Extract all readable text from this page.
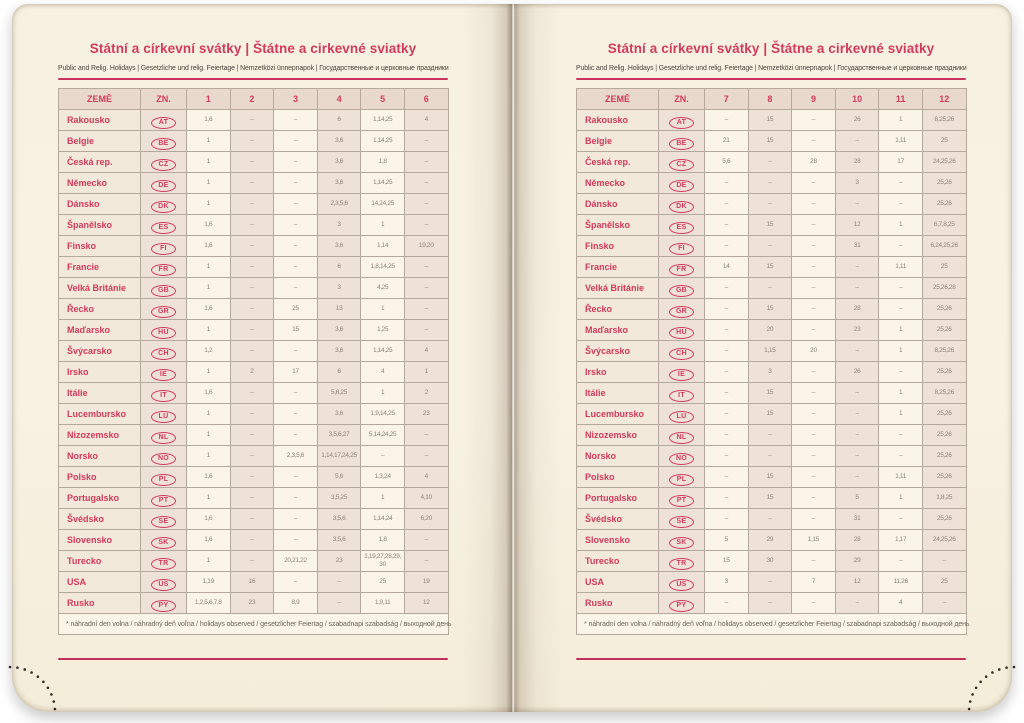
Státní a církevní svátky | Štátne a cirkevné sviatky

Public and Relig. Holidays | Gesetzliche und relig. Feiertage | Nemzetközi ünnepnapok | Государственные и церковные праздники

ZEMĚ	ZN.	1	2	3	4	5	6
Rakousko	AT	1, 6	–	–	6	1, 14, 25	4
Belgie	BE	1	–	–	3, 6	1, 14, 25	–
Česká rep.	CZ	1	–	–	3, 6	1, 8	–
Německo	DE	1	–	–	3, 6	1, 14, 25	–
Dánsko	DK	1	–	–	2, 3, 5, 6	14, 24, 25	–
Španělsko	ES	1, 6	–	–	3	1	–
Finsko	FI	1, 6	–	–	3, 6	1, 14	19, 20
Francie	FR	1	–	–	6	1, 8, 14, 25	–
Velká Británie	GB	1	–	–	3	4, 25	–
Řecko	GR	1, 6	–	25	13	1	–
Maďarsko	HU	1	–	15	3, 6	1, 25	–
Švýcarsko	CH	1, 2	–	–	3, 6	1, 14, 25	4
Irsko	IE	1	2	17	6	4	1
Itálie	IT	1, 6	–	–	5, 6, 25	1	2
Lucembursko	LU	1	–	–	3, 6	1, 9, 14, 25	23
Nizozemsko	NL	1	–	–	3, 5, 6, 27	5, 14, 24, 25	–
Norsko	NO	1	–	2, 3, 5, 6	1, 14, 17, 24, 25	–	–
Polsko	PL	1, 6	–	–	5, 6	1, 3, 24	4
Portugalsko	PT	1	–	–	3, 5, 25	1	4, 10
Švédsko	SE	1, 6	–	–	3, 5, 6	1, 14, 24	6, 20
Slovensko	SK	1, 6	–	–	3, 5, 6	1, 8	–
Turecko	TR	1	–	20, 21, 22	23	1, 19, 27, 28, 29, 30	–
USA	US	1, 19	16	–	–	25	19
Rusko	PY	1, 2, 5, 6, 7, 8	23	8, 9	–	1, 9, 11	12
* náhradní den volna / náhradný deň voľna / holidays observed / gesetzlicher Feiertag / szabadnapi szabadság / выходной день							
Státní a církevní svátky | Štátne a cirkevné sviatky

Public and Relig. Holidays | Gesetzliche und relig. Feiertage | Nemzetközi ünnepnapok | Государственные и церковные праздники

ZEMĚ	ZN.	7	8	9	10	11	12
Rakousko	AT	–	15	–	26	1	8, 25, 26
Belgie	BE	21	15	–	–	1, 11	25
Česká rep.	CZ	5, 6	–	28	28	17	24, 25, 26
Německo	DE	–	–	–	3	–	25, 26
Dánsko	DK	–	–	–	–	–	25, 26
Španělsko	ES	–	15	–	12	1	6, 7, 8, 25
Finsko	FI	–	–	–	31	–	6, 24, 25, 26
Francie	FR	14	15	–	–	1, 11	25
Velká Británie	GB	–	–	–	–	–	25, 26, 28
Řecko	GR	–	15	–	28	–	25, 26
Maďarsko	HU	–	20	–	23	1	25, 26
Švýcarsko	CH	–	1, 15	20	–	1	8, 25, 26
Irsko	IE	–	3	–	26	–	25, 26
Itálie	IT	–	15	–	–	1	8, 25, 26
Lucembursko	LU	–	15	–	–	1	25, 26
Nizozemsko	NL	–	–	–	–	–	25, 26
Norsko	NO	–	–	–	–	–	25, 26
Polsko	PL	–	15	–	–	1, 11	25, 26
Portugalsko	PT	–	15	–	5	1	1, 8, 25
Švédsko	SE	–	–	–	31	–	25, 26
Slovensko	SK	5	29	1, 15	28	1, 17	24, 25, 26
Turecko	TR	15	30	–	29	–	–
USA	US	3	–	7	12	11, 26	25
Rusko	PY	–	–	–	–	4	–
* náhradní den volna / náhradný deň voľna / holidays observed / gesetzlicher Feiertag / szabadnapi szabadság / выходной день							
